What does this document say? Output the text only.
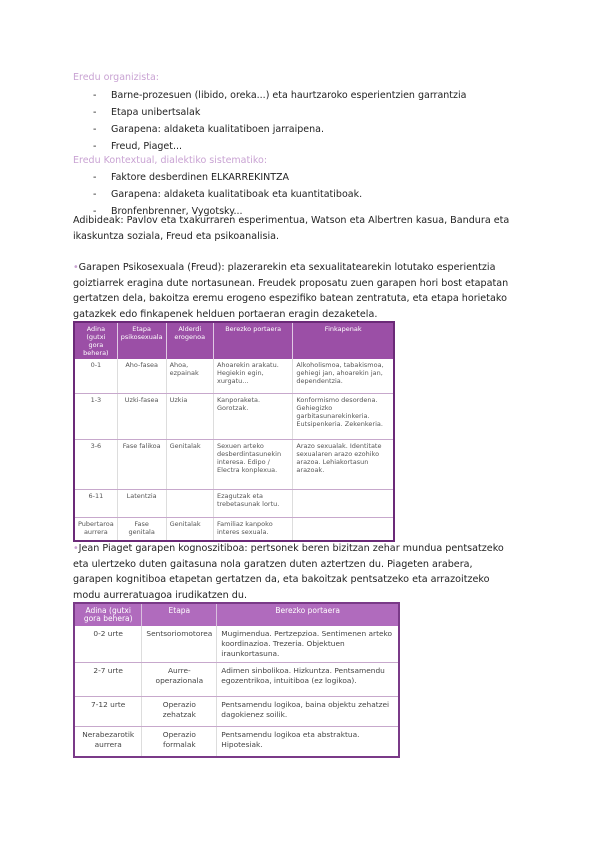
Eredu organizista:
- Barne-prozesuen (libido, oreka...) eta haurtzaroko esperientzien garrantzia
- Etapa unibertsalak
- Garapena: aldaketa kualitatiboen jarraipena.
- Freud, Piaget...
Eredu Kontextual, dialektiko sistematiko:
- Faktore desberdinen ELKARREKINTZA
- Garapena: aldaketa kualitatiboak eta kuantitatiboak.
- Bronfenbrenner, Vygotsky...
Adibideak: Pavlov eta txakurraren esperimentua, Watson eta Albertren kasua, Bandura eta ikaskuntza soziala, Freud eta psikoanalisia.
•Garapen Psikosexuala (Freud): plazerarekin eta sexualitatearekin lotutako esperientzia goiztiarrek eragina dute nortasunean. Freudek proposatu zuen garapen hori bost etapatan gertatzen dela, bakoitza eremu erogeno espezifiko batean zentratuta, eta etapa horietako gatazkek edo finkapenek helduen portaeran eragin dezaketela.
Adina (gutxi gora behera)	Etapa psikosexuala	Alderdi erogenoa	Berezko portaera	Finkapenak
0-1	Aho-fasea	Ahoa, ezpainak	Ahoarekin arakatu. Hegiekin egin, xurgatu...	Alkoholismoa, tabakismoa, gehiegi jan, ahoarekin jan, dependentzia.
1-3	Uzki-fasea	Uzkia	Kanporaketa. Gorotzak.	Konformismo desordena. Gehiegizko garbitasunarekinkeria. Eutsipenkeria. Zekenkeria.
3-6	Fase falikoa	Genitalak	Sexuen arteko desberdintasunekin interesa. Edipo / Electra konplexua.	Arazo sexualak. Identitate sexualaren arazo ezohiko arazoa. Lehiakortasun arazoak.
6-11	Latentzia		Ezagutzak eta trebetasunak lortu.	
Pubertaroa aurrera	Fase genitala	Genitalak	Familiaz kanpoko interes sexuala.	
•Jean Piaget garapen kognoszitiboa: pertsonek beren bizitzan zehar mundua pentsatzeko eta ulertzeko duten gaitasuna nola garatzen duten aztertzen du. Piageten arabera, garapen kognitiboa etapetan gertatzen da, eta bakoitzak pentsatzeko eta arrazoitzeko modu aurreratuagoa irudikatzen du.
Adina (gutxi gora behera)	Etapa	Berezko portaera
0-2 urte	Sentsoriomotorea	Mugimendua. Pertzepzioa. Sentimenen arteko koordinazioa. Trezeria. Objektuen iraunkortasuna.
2-7 urte	Aurre-operazionala	Adimen sinbolikoa. Hizkuntza. Pentsamendu egozentrikoa, intuitiboa (ez logikoa).
7-12 urte	Operazio zehatzak	Pentsamendu logikoa, baina objektu zehatzei dagokienez soilik.
Nerabezarotik aurrera	Operazio formalak	Pentsamendu logikoa eta abstraktua. Hipotesiak.
